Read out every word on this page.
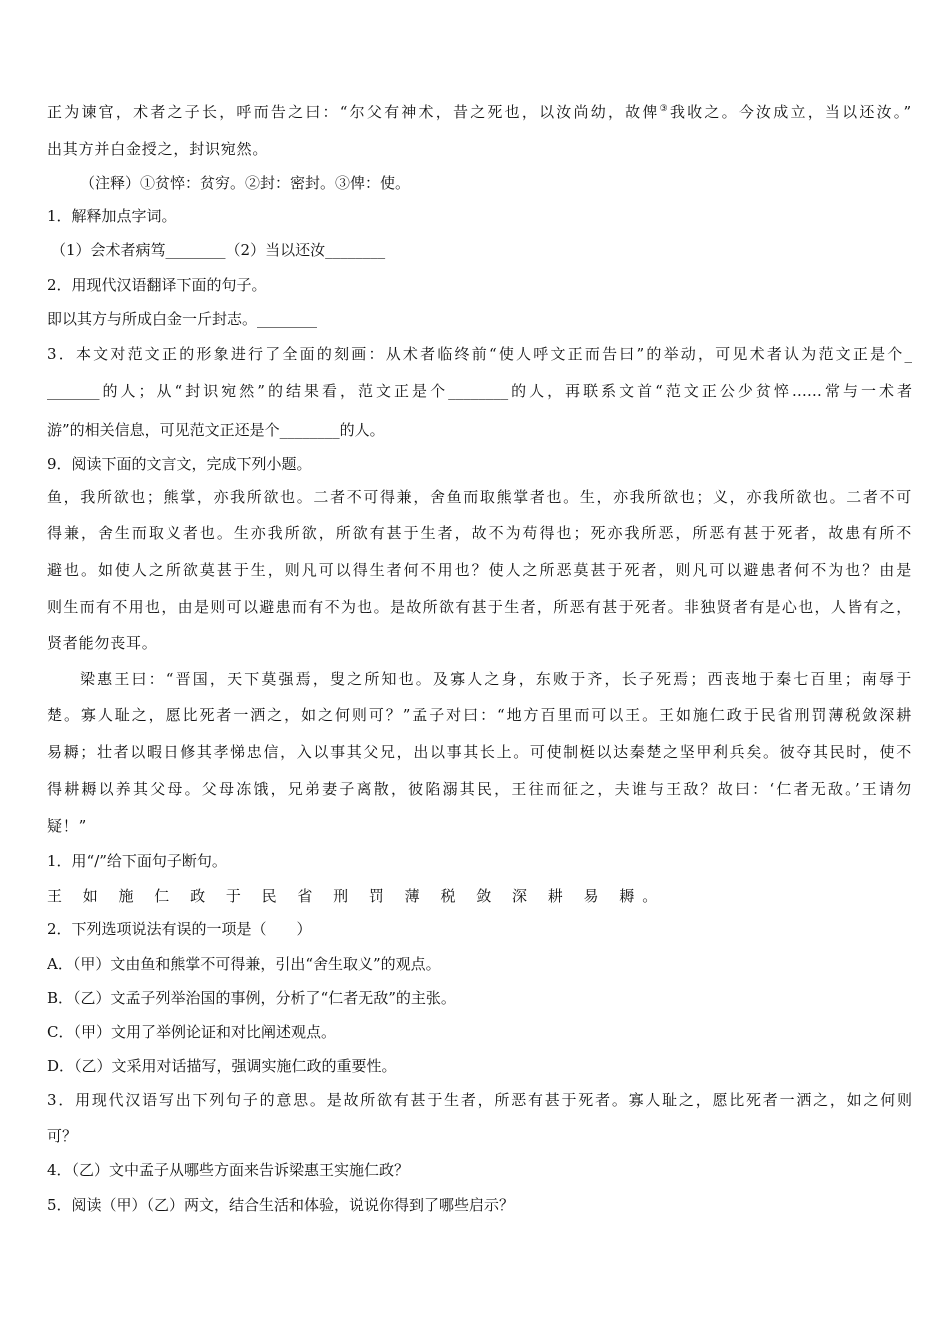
正为谏官，术者之子长，呼而告之曰：“尔父有神术，昔之死也，以汝尚幼，故俾③我收之。今汝成立，当以还汝。”
出其方并白金授之，封识宛然。
（注释）①贫悴：贫穷。②封：密封。③俾：使。
1．解释加点字词。
（1）会术者病笃________（2）当以还汝________
2．用现代汉语翻译下面的句子。
即以其方与所成白金一斤封志。________
3．本文对范文正的形象进行了全面的刻画：从术者临终前“使人呼文正而告曰”的举动，可见术者认为范文正是个_
_______的人；从“封识宛然”的结果看，范文正是个________的人，再联系文首“范文正公少贫悴……常与一术者
游”的相关信息，可见范文正还是个________的人。
9．阅读下面的文言文，完成下列小题。
鱼，我所欲也；熊掌，亦我所欲也。二者不可得兼，舍鱼而取熊掌者也。生，亦我所欲也；义，亦我所欲也。二者不可
得兼，舍生而取义者也。生亦我所欲，所欲有甚于生者，故不为苟得也；死亦我所恶，所恶有甚于死者，故患有所不
避也。如使人之所欲莫甚于生，则凡可以得生者何不用也？使人之所恶莫甚于死者，则凡可以避患者何不为也？由是
则生而有不用也，由是则可以避患而有不为也。是故所欲有甚于生者，所恶有甚于死者。非独贤者有是心也，人皆有之，
贤者能勿丧耳。
梁惠王曰：“晋国，天下莫强焉，叟之所知也。及寡人之身，东败于齐，长子死焉；西丧地于秦七百里；南辱于
楚。寡人耻之，愿比死者一洒之，如之何则可？”孟子对曰：“地方百里而可以王。王如施仁政于民省刑罚薄税敛深耕
易耨；壮者以暇日修其孝悌忠信，入以事其父兄，出以事其长上。可使制梃以达秦楚之坚甲利兵矣。彼夺其民时，使不
得耕耨以养其父母。父母冻饿，兄弟妻子离散，彼陷溺其民，王往而征之，夫谁与王敌？故曰：‘仁者无敌。’王请勿
疑！”
1．用“/”给下面句子断句。
王 如 施 仁 政 于 民 省 刑 罚 薄 税 敛 深 耕 易 耨。
2．下列选项说法有误的一项是（　　）
A．（甲）文由鱼和熊掌不可得兼，引出“舍生取义”的观点。
B．（乙）文孟子列举治国的事例，分析了“仁者无敌”的主张。
C．（甲）文用了举例论证和对比阐述观点。
D．（乙）文采用对话描写，强调实施仁政的重要性。
3．用现代汉语写出下列句子的意思。是故所欲有甚于生者，所恶有甚于死者。寡人耻之，愿比死者一洒之，如之何则
可？
4．（乙）文中孟子从哪些方面来告诉梁惠王实施仁政？
5．阅读（甲）（乙）两文，结合生活和体验，说说你得到了哪些启示？
